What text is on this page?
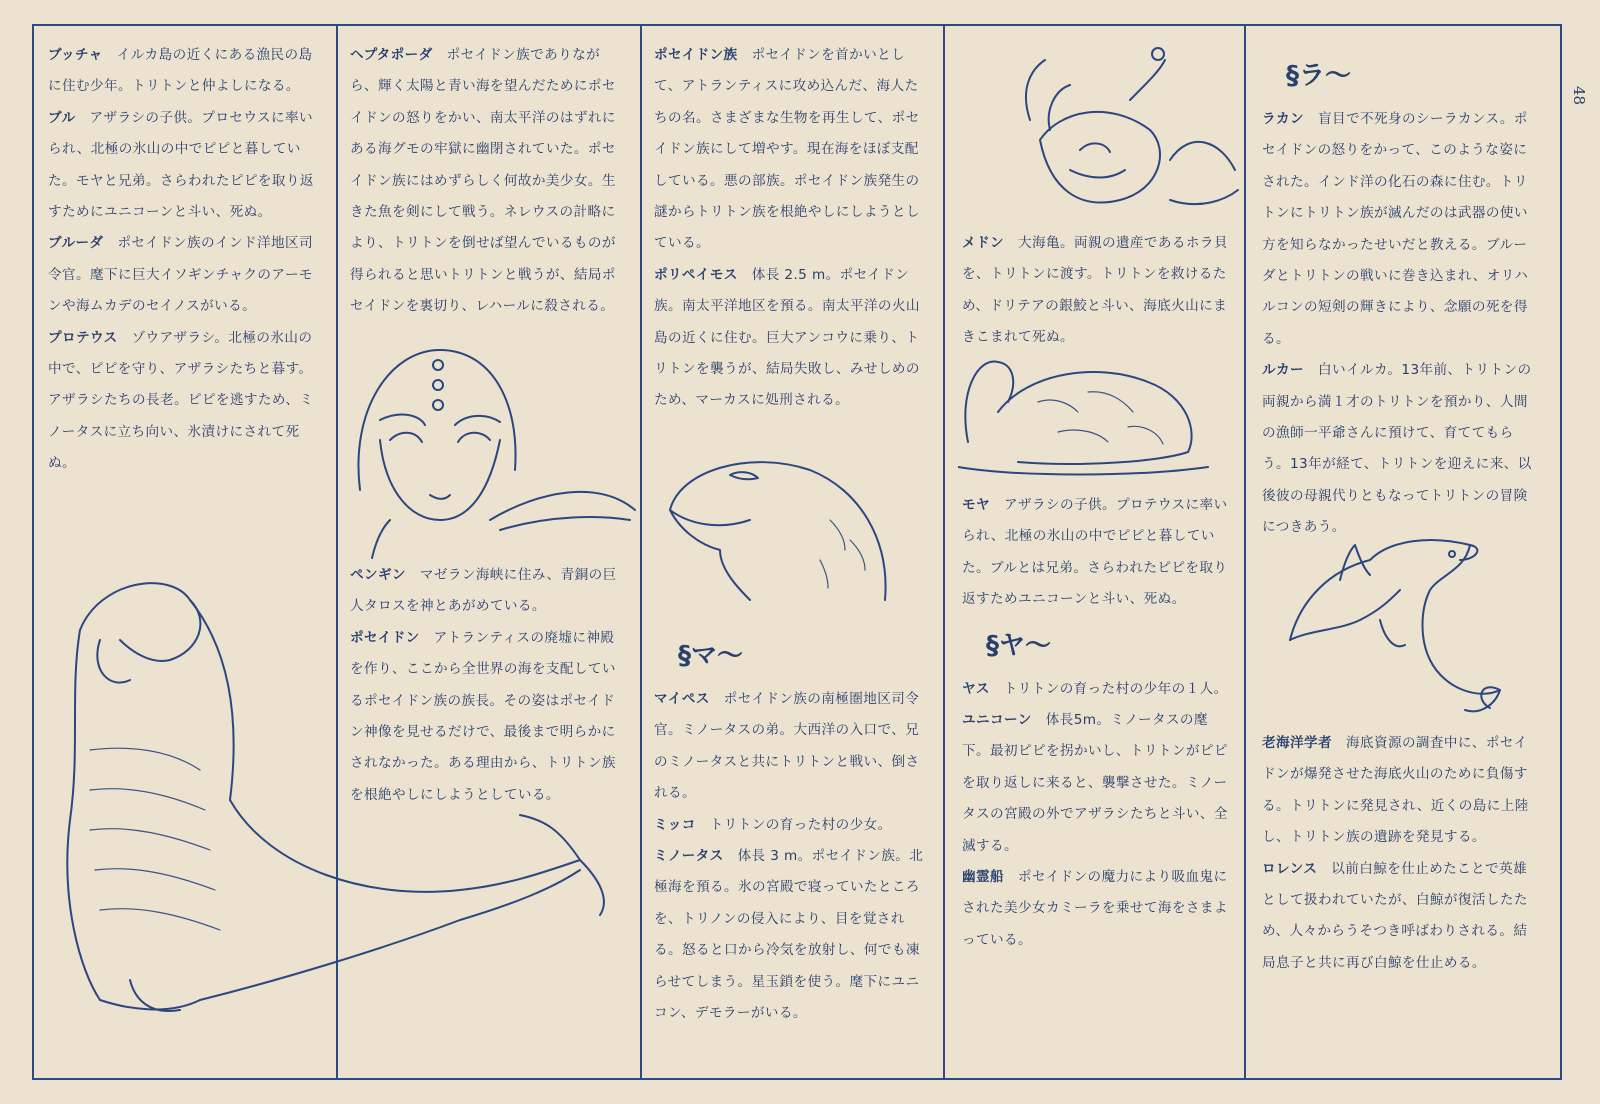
48

ブッチャ イルカ島の近くにある漁民の島に住む少年。トリトンと仲よしになる。

ブル アザラシの子供。プロセウスに率いられ、北極の氷山の中でピピと暮していた。モヤと兄弟。さらわれたピピを取り返すためにユニコーンと斗い、死ぬ。

ブルーダ ポセイドン族のインド洋地区司令官。麾下に巨大イソギンチャクのアーモンや海ムカデのセイノスがいる。

プロテウス ゾウアザラシ。北極の氷山の中で、ピピを守り、アザラシたちと暮す。アザラシたちの長老。ピピを逃すため、ミノータスに立ち向い、氷漬けにされて死ぬ。

ヘプタポーダ ポセイドン族でありながら、輝く太陽と青い海を望んだためにポセイドンの怒りをかい、南太平洋のはずれにある海グモの牢獄に幽閉されていた。ポセイドン族にはめずらしく何故か美少女。生きた魚を剣にして戦う。ネレウスの計略により、トリトンを倒せば望んでいるものが得られると思いトリトンと戦うが、結局ポセイドンを裏切り、レハールに殺される。

ペンギン マゼラン海峡に住み、青銅の巨人タロスを神とあがめている。

ポセイドン アトランティスの廃墟に神殿を作り、ここから全世界の海を支配しているポセイドン族の族長。その姿はポセイドン神像を見せるだけで、最後まで明らかにされなかった。ある理由から、トリトン族を根絶やしにしようとしている。

ポセイドン族 ポセイドンを首かいとして、アトランティスに攻め込んだ、海人たちの名。さまざまな生物を再生して、ポセイドン族にして増やす。現在海をほぼ支配している。悪の部族。ポセイドン族発生の謎からトリトン族を根絶やしにしようとしている。

ポリペイモス 体長 2.5 m。ポセイドン族。南太平洋地区を預る。南太平洋の火山島の近くに住む。巨大アンコウに乗り、トリトンを襲うが、結局失敗し、みせしめのため、マーカスに処刑される。

§マ〜

マイペス ポセイドン族の南極圏地区司令官。ミノータスの弟。大西洋の入口で、兄のミノータスと共にトリトンと戦い、倒される。

ミッコ トリトンの育った村の少女。

ミノータス 体長 3 m。ポセイドン族。北極海を預る。氷の宮殿で寝っていたところを、トリノンの侵入により、目を覚される。怒ると口から冷気を放射し、何でも凍らせてしまう。星玉鎖を使う。麾下にユニコン、デモラーがいる。

メドン 大海亀。両親の遺産であるホラ貝を、トリトンに渡す。トリトンを救けるため、ドリテアの銀鮫と斗い、海底火山にまきこまれて死ぬ。

モヤ アザラシの子供。プロテウスに率いられ、北極の氷山の中でピピと暮していた。ブルとは兄弟。さらわれたピピを取り返すためユニコーンと斗い、死ぬ。

§ヤ〜

ヤス トリトンの育った村の少年の１人。

ユニコーン 体長5m。ミノータスの麾下。最初ピピを拐かいし、トリトンがピピを取り返しに来ると、襲撃させた。ミノータスの宮殿の外でアザラシたちと斗い、全滅する。

幽霊船 ポセイドンの魔力により吸血鬼にされた美少女カミーラを乗せて海をさまよっている。

§ラ〜

ラカン 盲目で不死身のシーラカンス。ポセイドンの怒りをかって、このような姿にされた。インド洋の化石の森に住む。トリトンにトリトン族が滅んだのは武器の使い方を知らなかったせいだと教える。ブルーダとトリトンの戦いに巻き込まれ、オリハルコンの短剣の輝きにより、念願の死を得る。

ルカー 白いイルカ。13年前、トリトンの両親から満１才のトリトンを預かり、人間の漁師一平爺さんに預けて、育ててもらう。13年が経て、トリトンを迎えに来、以後彼の母親代りともなってトリトンの冒険につきあう。

老海洋学者 海底資源の調査中に、ポセイドンが爆発させた海底火山のために負傷する。トリトンに発見され、近くの島に上陸し、トリトン族の遺跡を発見する。

ロレンス 以前白鯨を仕止めたことで英雄として扱われていたが、白鯨が復活したため、人々からうそつき呼ばわりされる。結局息子と共に再び白鯨を仕止める。
